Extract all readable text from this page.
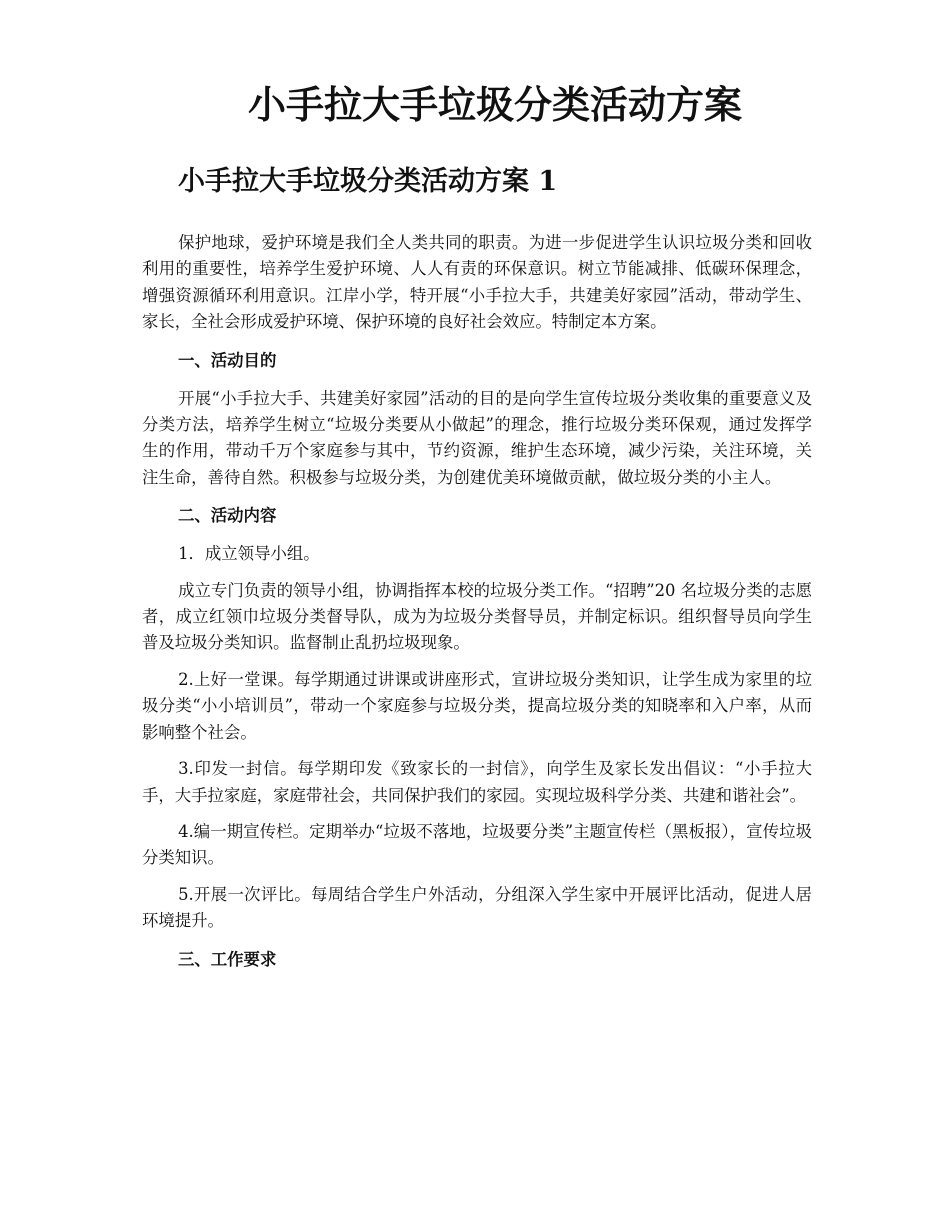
小手拉大手垃圾分类活动方案
小手拉大手垃圾分类活动方案 1

保护地球，爱护环境是我们全人类共同的职责。为进一步促进学生认识垃圾分类和回收利用的重要性，培养学生爱护环境、人人有责的环保意识。树立节能减排、低碳环保理念，增强资源循环利用意识。江岸小学，特开展“小手拉大手，共建美好家园”活动，带动学生、家长，全社会形成爱护环境、保护环境的良好社会效应。特制定本方案。

一、活动目的

开展“小手拉大手、共建美好家园”活动的目的是向学生宣传垃圾分类收集的重要意义及分类方法，培养学生树立“垃圾分类要从小做起”的理念，推行垃圾分类环保观，通过发挥学生的作用，带动千万个家庭参与其中，节约资源，维护生态环境，减少污染，关注环境，关注生命，善待自然。积极参与垃圾分类，为创建优美环境做贡献，做垃圾分类的小主人。

二、活动内容

1．成立领导小组。

成立专门负责的领导小组，协调指挥本校的垃圾分类工作。“招聘”20 名垃圾分类的志愿者，成立红领巾垃圾分类督导队，成为为垃圾分类督导员，并制定标识。组织督导员向学生普及垃圾分类知识。监督制止乱扔垃圾现象。

2.上好一堂课。每学期通过讲课或讲座形式，宣讲垃圾分类知识，让学生成为家里的垃圾分类“小小培训员”，带动一个家庭参与垃圾分类，提高垃圾分类的知晓率和入户率，从而影响整个社会。

3.印发一封信。每学期印发《致家长的一封信》，向学生及家长发出倡议：“小手拉大手，大手拉家庭，家庭带社会，共同保护我们的家园。实现垃圾科学分类、共建和谐社会”。

4.编一期宣传栏。定期举办“垃圾不落地，垃圾要分类”主题宣传栏（黑板报），宣传垃圾分类知识。

5.开展一次评比。每周结合学生户外活动，分组深入学生家中开展评比活动，促进人居环境提升。

三、工作要求
